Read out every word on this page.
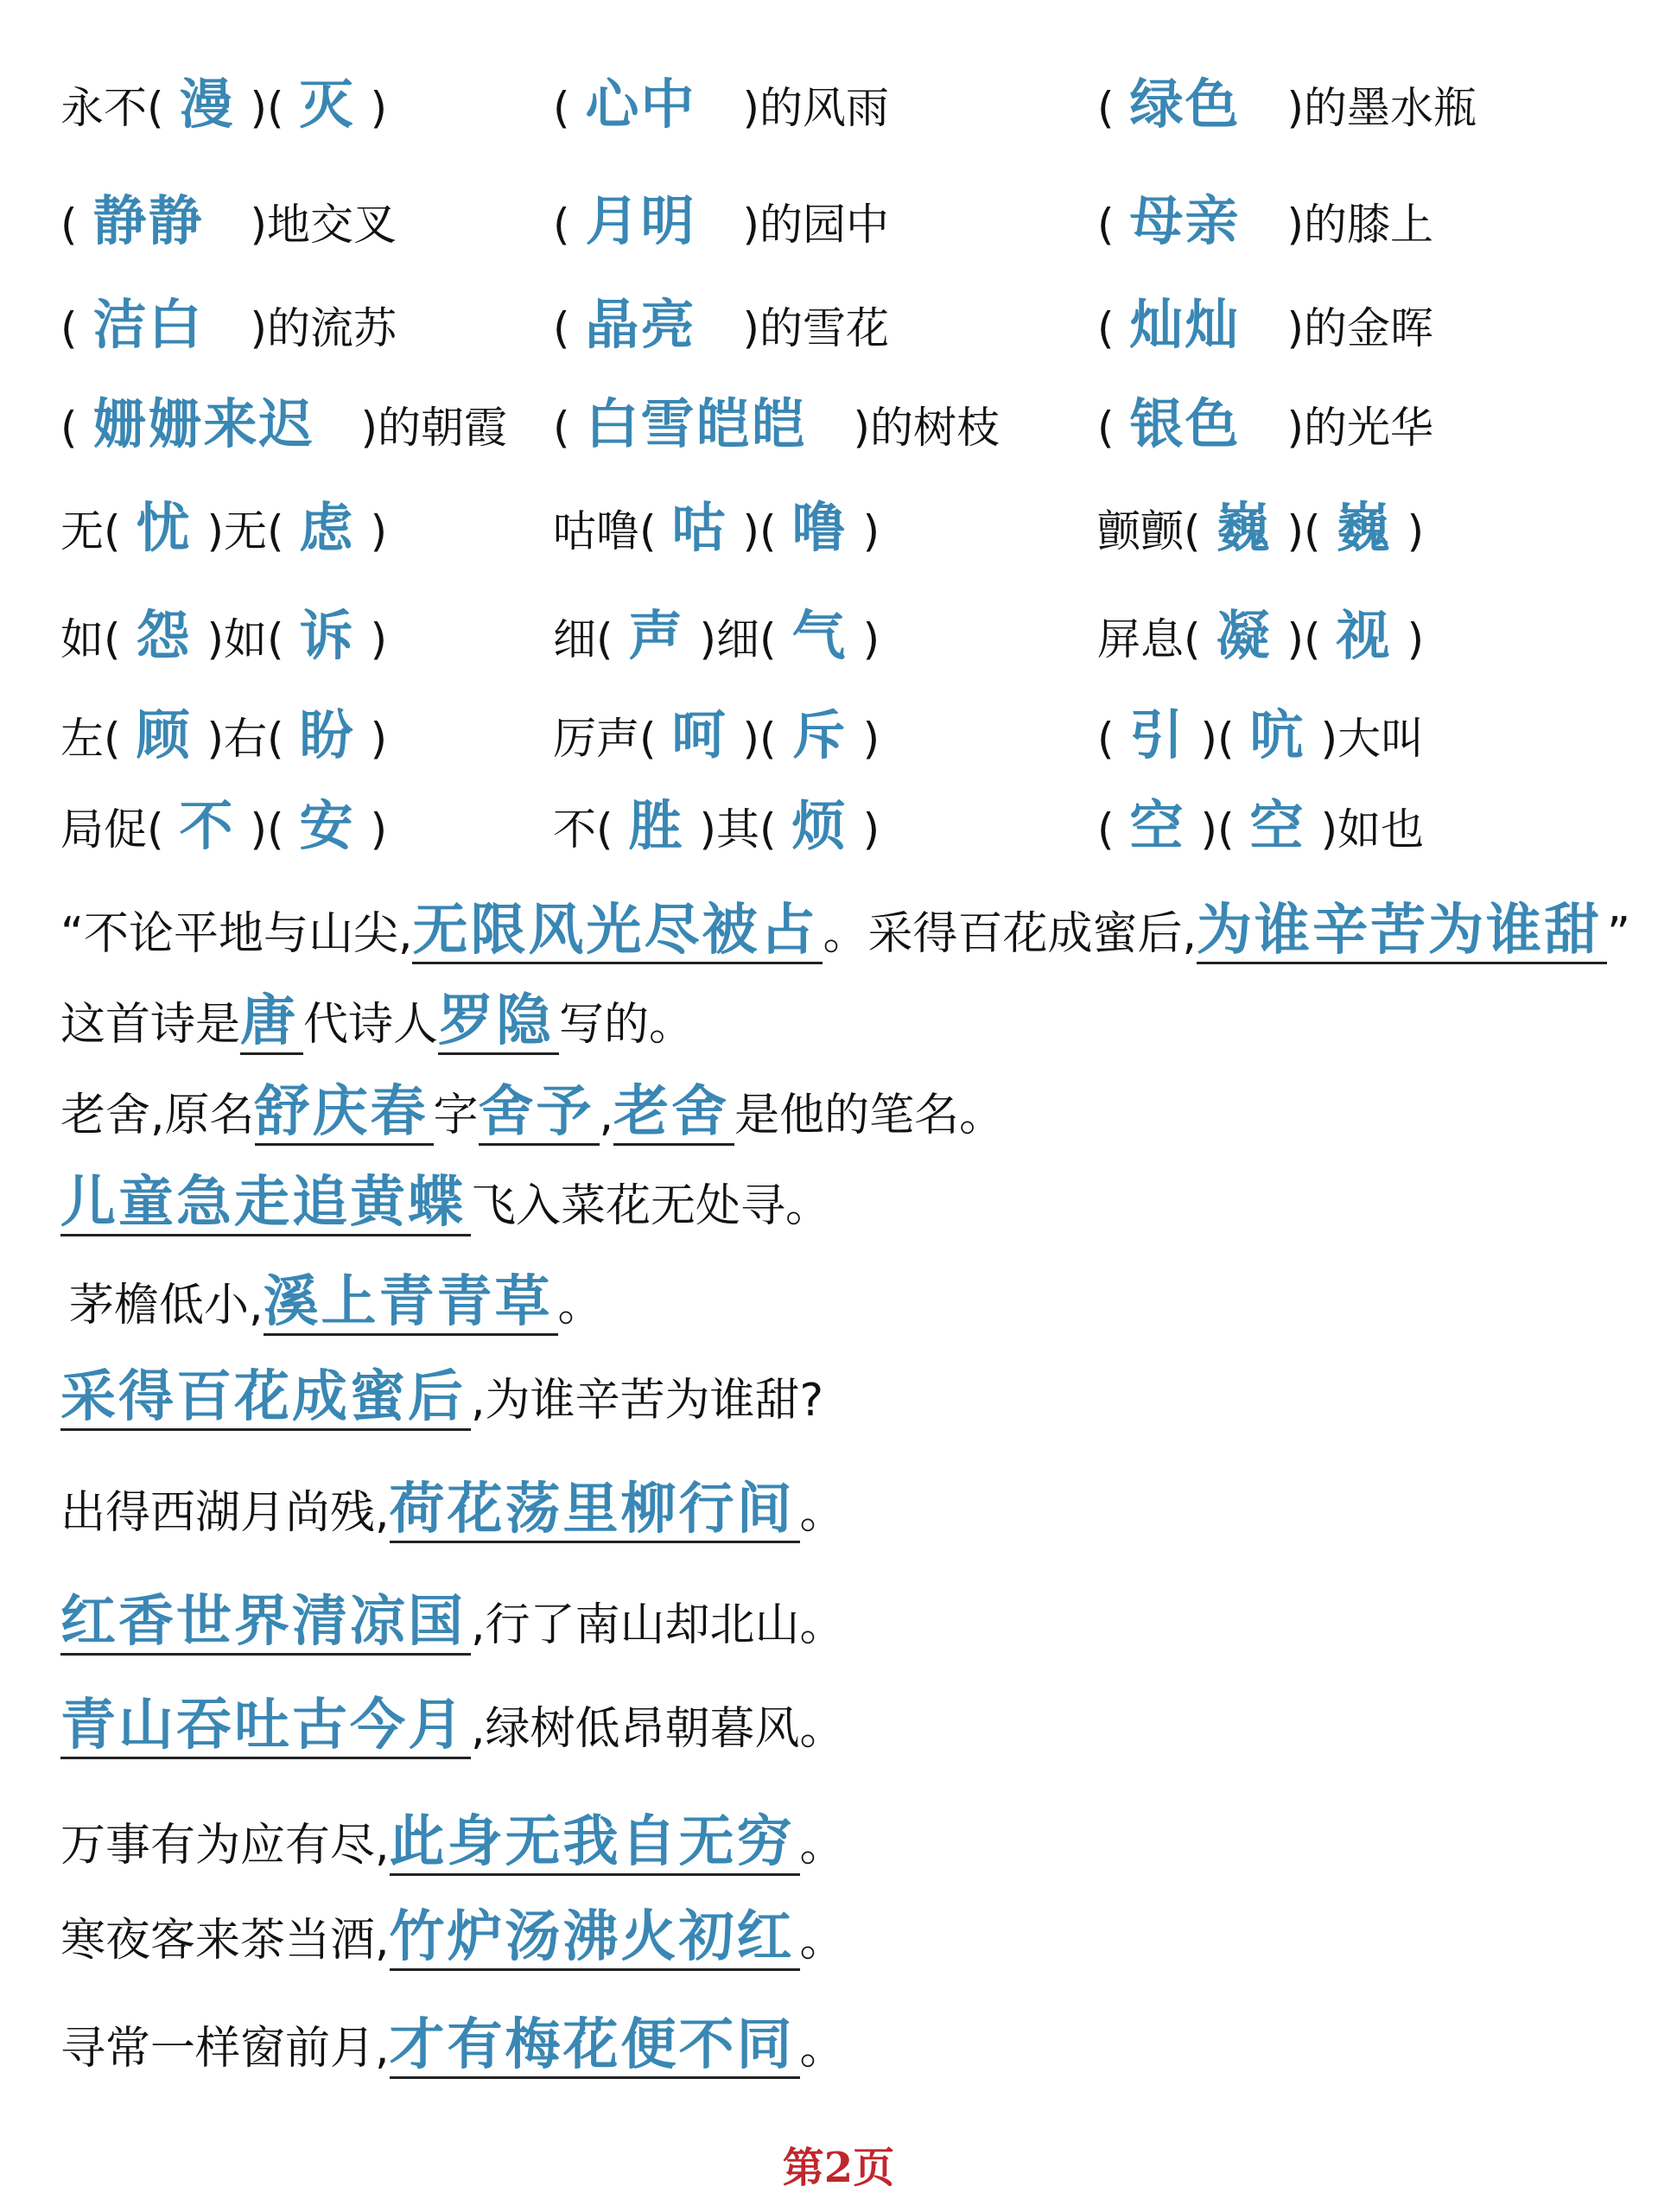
永不( 漫 )( 灭 )	( 心中 )的风雨	( 绿色 )的墨水瓶
( 静静 )地交叉	( 月明 )的园中	( 母亲 )的膝上
( 洁白 )的流苏	( 晶亮 )的雪花	( 灿灿 )的金晖
( 姗姗来迟 )的朝霞 ( 白雪皑皑 )的树枝 ( 银色 )的光华
无( 忧 )无( 虑 )	咕噜( 咕 )( 噜 )	颤颤( 巍 )( 巍 )
如( 怨 )如( 诉 )	细( 声 )细( 气 )	屏息( 凝 )( 视 )
左( 顾 )右( 盼 )	厉声( 呵 )( 斥 )	( 引 )( 吭 )大叫
局促( 不 )( 安 )	不( 胜 )其( 烦 )	( 空 )( 空 )如也
“不论平地与山尖,无限风光尽被占 。采得百花成蜜后,为谁辛苦为谁甜 ”
这首诗是唐 代诗人罗隐 写的。
老舍,原名舒庆春 字舍予 ,老舍 是他的笔名。
儿童急走追黄蝶 飞入菜花无处寻。
茅檐低小,溪上青青草 。
采得百花成蜜后 ,为谁辛苦为谁甜?
出得西湖月尚残,荷花荡里柳行间 。
红香世界清凉国 ,行了南山却北山。
青山吞吐古今月 ,绿树低昂朝暮风。
万事有为应有尽,此身无我自无穷 。
寒夜客来茶当酒,竹炉汤沸火初红 。
寻常一样窗前月,才有梅花便不同 。
第2页
